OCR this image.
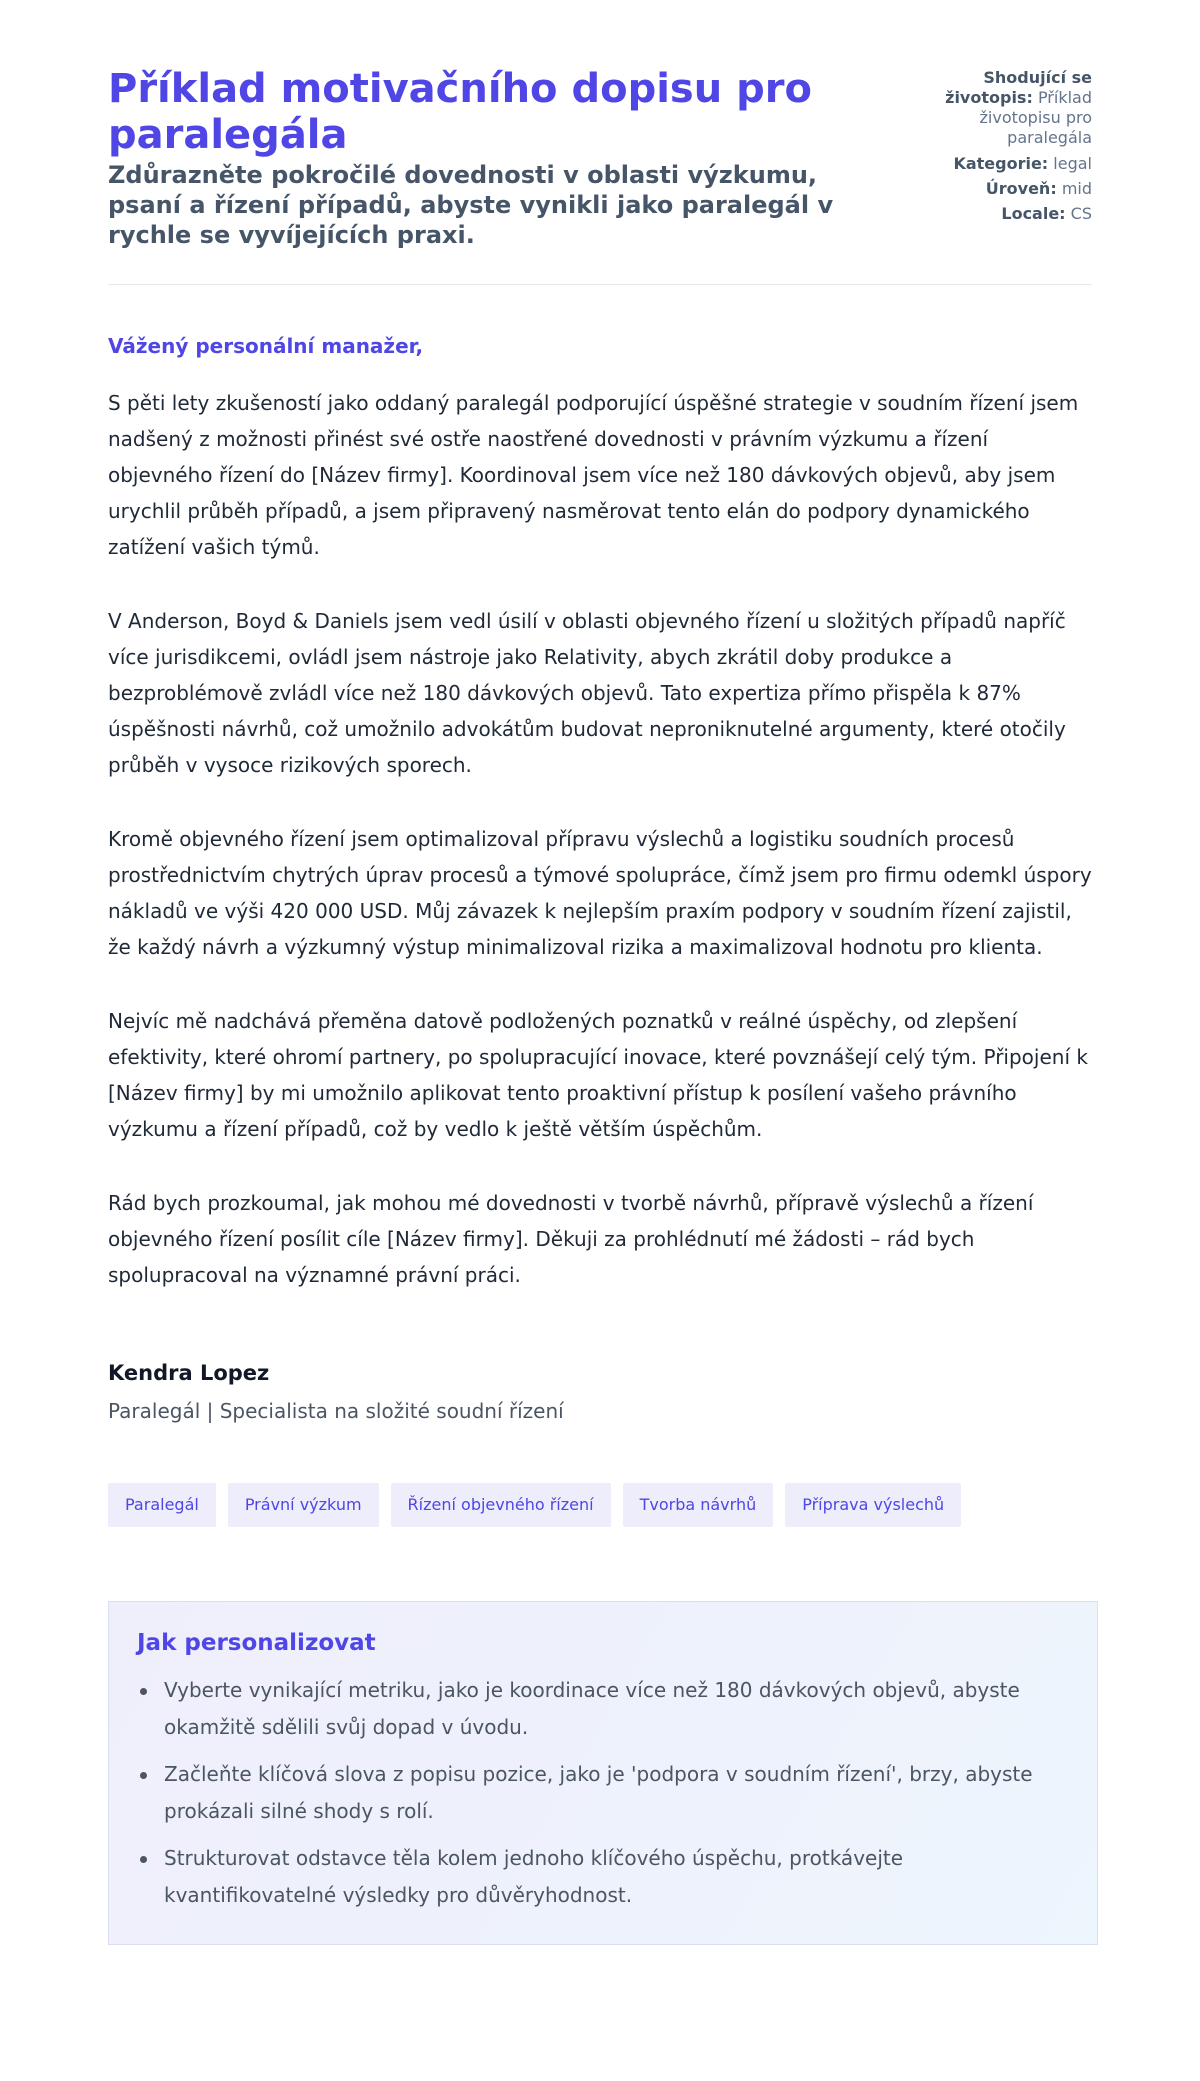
Příklad motivačního dopisu pro paralegála
Zdůrazněte pokročilé dovednosti v oblasti výzkumu, psaní a řízení případů, abyste vynikli jako paralegál v rychle se vyvíjejících praxi.
Shodující se životopis: Příklad životopisu pro paralegála
Kategorie: legal
Úroveň: mid
Locale: CS

Vážený personální manažer,

S pěti lety zkušeností jako oddaný paralegál podporující úspěšné strategie v soudním řízení jsem nadšený z možnosti přinést své ostře naostřené dovednosti v právním výzkumu a řízení objevného řízení do [Název firmy]. Koordinoval jsem více než 180 dávkových objevů, aby jsem urychlil průběh případů, a jsem připravený nasměrovat tento elán do podpory dynamického zatížení vašich týmů.

V Anderson, Boyd & Daniels jsem vedl úsilí v oblasti objevného řízení u složitých případů napříč více jurisdikcemi, ovládl jsem nástroje jako Relativity, abych zkrátil doby produkce a bezproblémově zvládl více než 180 dávkových objevů. Tato expertiza přímo přispěla k 87% úspěšnosti návrhů, což umožnilo advokátům budovat neproniknutelné argumenty, které otočily průběh v vysoce rizikových sporech.

Kromě objevného řízení jsem optimalizoval přípravu výslechů a logistiku soudních procesů prostřednictvím chytrých úprav procesů a týmové spolupráce, čímž jsem pro firmu odemkl úspory nákladů ve výši 420 000 USD. Můj závazek k nejlepším praxím podpory v soudním řízení zajistil, že každý návrh a výzkumný výstup minimalizoval rizika a maximalizoval hodnotu pro klienta.

Nejvíc mě nadchává přeměna datově podložených poznatků v reálné úspěchy, od zlepšení efektivity, které ohromí partnery, po spolupracující inovace, které povznášejí celý tým. Připojení k [Název firmy] by mi umožnilo aplikovat tento proaktivní přístup k posílení vašeho právního výzkumu a řízení případů, což by vedlo k ještě větším úspěchům.

Rád bych prozkoumal, jak mohou mé dovednosti v tvorbě návrhů, přípravě výslechů a řízení objevného řízení posílit cíle [Název firmy]. Děkuji za prohlédnutí mé žádosti – rád bych spolupracoval na významné právní práci.

Kendra Lopez

Paralegál | Specialista na složité soudní řízení

Paralegál	Právní výzkum	Řízení objevného řízení	Tvorba návrhů	Příprava výslechů
Jak personalizovat
Vyberte vynikající metriku, jako je koordinace více než 180 dávkových objevů, abyste okamžitě sdělili svůj dopad v úvodu.
Začleňte klíčová slova z popisu pozice, jako je 'podpora v soudním řízení', brzy, abyste prokázali silné shody s rolí.
Strukturovat odstavce těla kolem jednoho klíčového úspěchu, protkávejte kvantifikovatelné výsledky pro důvěryhodnost.
